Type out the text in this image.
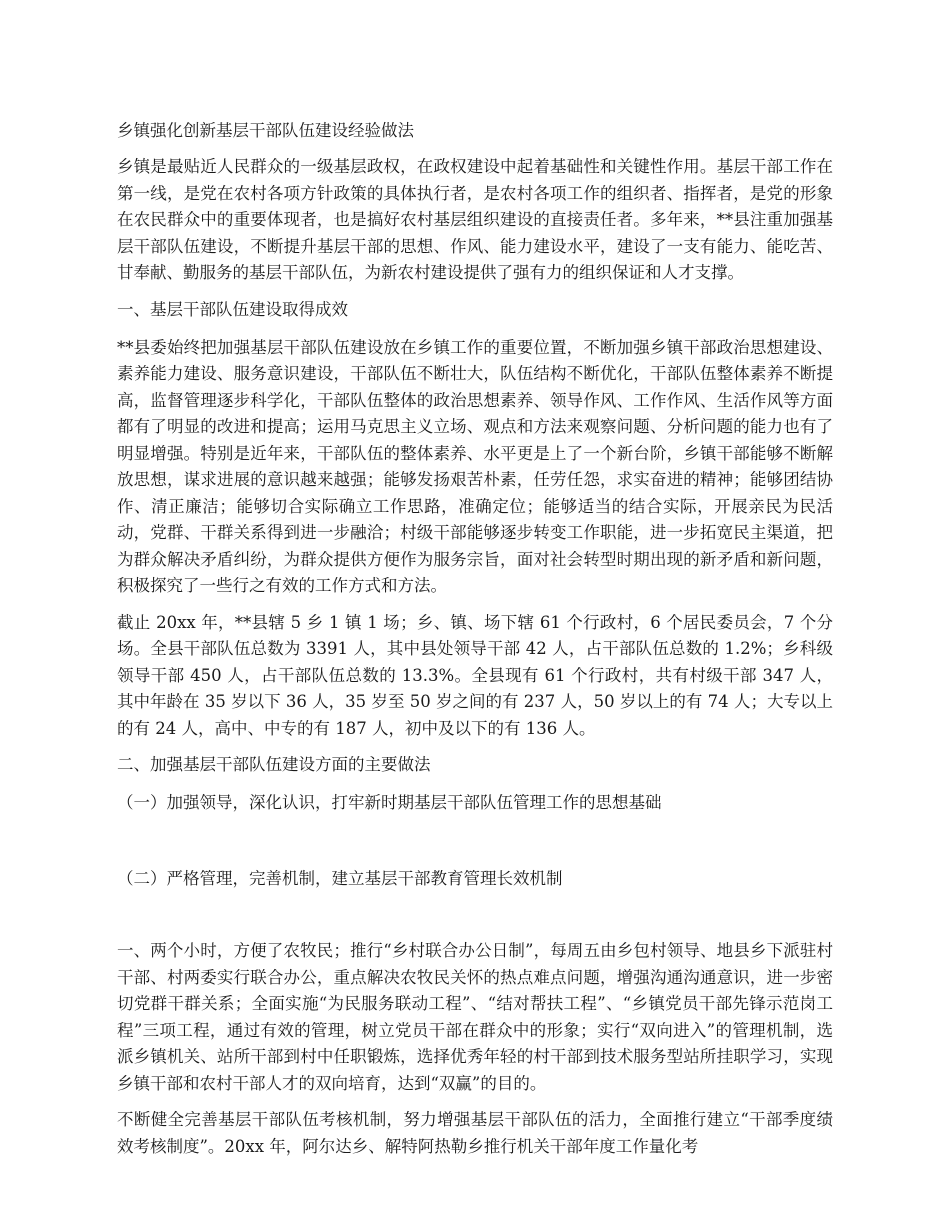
乡镇强化创新基层干部队伍建设经验做法

乡镇是最贴近人民群众的一级基层政权，在政权建设中起着基础性和关键性作用。基层干部工作在第一线，是党在农村各项方针政策的具体执行者，是农村各项工作的组织者、指挥者，是党的形象在农民群众中的重要体现者，也是搞好农村基层组织建设的直接责任者。多年来，**县注重加强基层干部队伍建设，不断提升基层干部的思想、作风、能力建设水平，建设了一支有能力、能吃苦、甘奉献、勤服务的基层干部队伍，为新农村建设提供了强有力的组织保证和人才支撑。

一、基层干部队伍建设取得成效

**县委始终把加强基层干部队伍建设放在乡镇工作的重要位置，不断加强乡镇干部政治思想建设、素养能力建设、服务意识建设，干部队伍不断壮大，队伍结构不断优化，干部队伍整体素养不断提高，监督管理逐步科学化，干部队伍整体的政治思想素养、领导作风、工作作风、生活作风等方面都有了明显的改进和提高；运用马克思主义立场、观点和方法来观察问题、分析问题的能力也有了明显增强。特别是近年来，干部队伍的整体素养、水平更是上了一个新台阶，乡镇干部能够不断解放思想，谋求进展的意识越来越强；能够发扬艰苦朴素，任劳任怨，求实奋进的精神；能够团结协作、清正廉洁；能够切合实际确立工作思路，准确定位；能够适当的结合实际，开展亲民为民活动，党群、干群关系得到进一步融洽；村级干部能够逐步转变工作职能，进一步拓宽民主渠道，把为群众解决矛盾纠纷，为群众提供方便作为服务宗旨，面对社会转型时期出现的新矛盾和新问题，积极探究了一些行之有效的工作方式和方法。

截止 20xx 年，**县辖 5 乡 1 镇 1 场；乡、镇、场下辖 61 个行政村，6 个居民委员会，7 个分场。全县干部队伍总数为 3391 人，其中县处领导干部 42 人，占干部队伍总数的 1.2%；乡科级领导干部 450 人，占干部队伍总数的 13.3%。全县现有 61 个行政村，共有村级干部 347 人，其中年龄在 35 岁以下 36 人，35 岁至 50 岁之间的有 237 人，50 岁以上的有 74 人；大专以上的有 24 人，高中、中专的有 187 人，初中及以下的有 136 人。

二、加强基层干部队伍建设方面的主要做法

（一）加强领导，深化认识，打牢新时期基层干部队伍管理工作的思想基础

（二）严格管理，完善机制，建立基层干部教育管理长效机制

一、两个小时，方便了农牧民；推行“乡村联合办公日制”，每周五由乡包村领导、地县乡下派驻村干部、村两委实行联合办公，重点解决农牧民关怀的热点难点问题，增强沟通沟通意识，进一步密切党群干群关系；全面实施“为民服务联动工程”、“结对帮扶工程”、“乡镇党员干部先锋示范岗工程”三项工程，通过有效的管理，树立党员干部在群众中的形象；实行“双向进入”的管理机制，选派乡镇机关、站所干部到村中任职锻炼，选择优秀年轻的村干部到技术服务型站所挂职学习，实现乡镇干部和农村干部人才的双向培育，达到“双赢”的目的。

不断健全完善基层干部队伍考核机制，努力增强基层干部队伍的活力，全面推行建立“干部季度绩效考核制度”。20xx 年，阿尔达乡、解特阿热勒乡推行机关干部年度工作量化考
